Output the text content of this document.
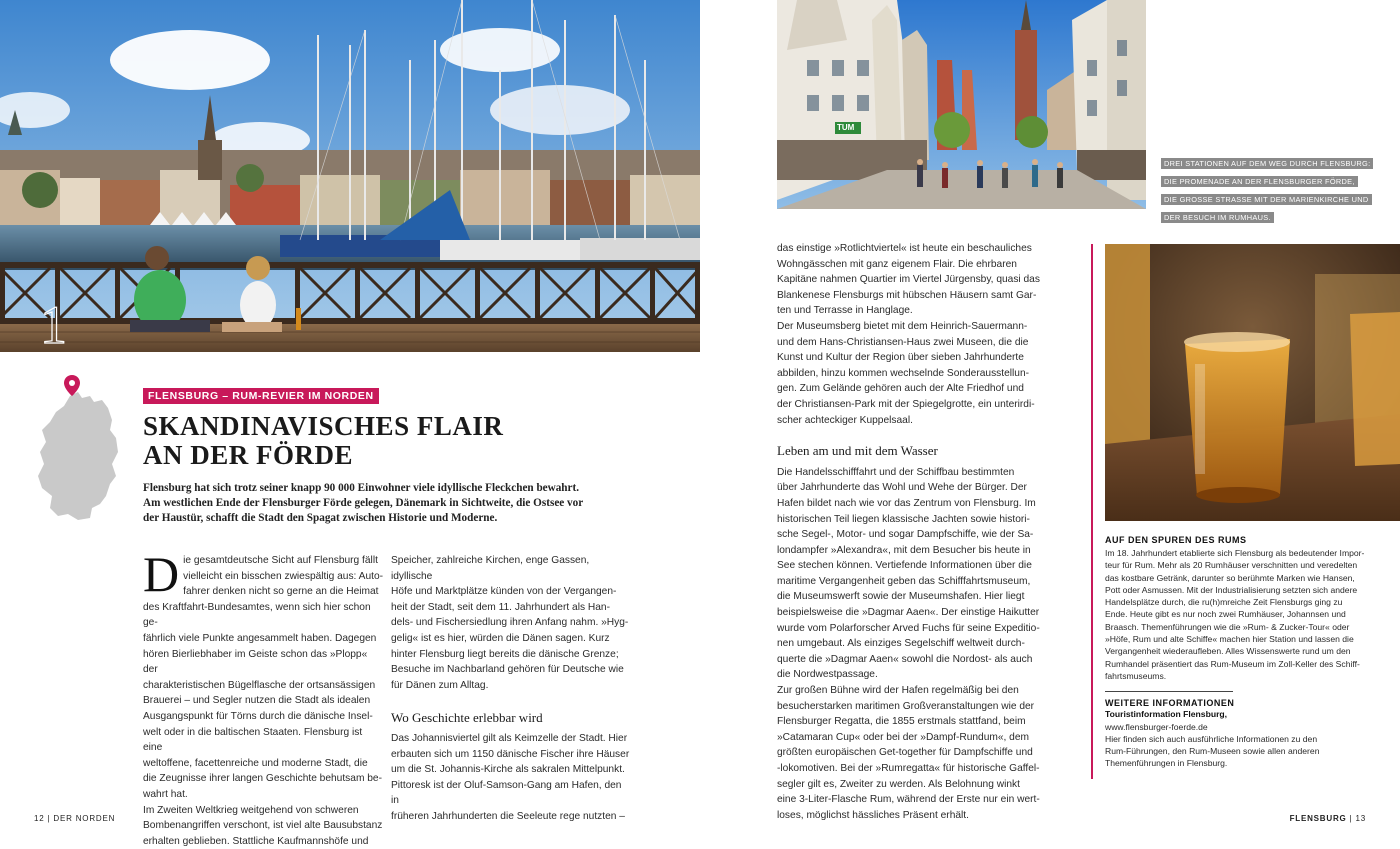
1
FLENSBURG – RUM-REVIER IM NORDEN
SKANDINAVISCHES FLAIR
AN DER FÖRDE
Flensburg hat sich trotz seiner knapp 90 000 Einwohner viele idyllische Fleckchen bewahrt.
Am westlichen Ende der Flensburger Förde gelegen, Dänemark in Sichtweite, die Ostsee vor
der Haustür, schafft die Stadt den Spagat zwischen Historie und Moderne.
D ie gesamtdeutsche Sicht auf Flensburg fällt
vielleicht ein bisschen zwiespältig aus: Auto-
fahrer denken nicht so gerne an die Heimat
des Kraftfahrt-Bundesamtes, wenn sich hier schon ge-
fährlich viele Punkte angesammelt haben. Dagegen
hören Bierliebhaber im Geiste schon das »Plopp« der
charakteristischen Bügelflasche der ortsansässigen
Brauerei – und Segler nutzen die Stadt als idealen
Ausgangspunkt für Törns durch die dänische Insel-
welt oder in die baltischen Staaten. Flensburg ist eine
weltoffene, facettenreiche und moderne Stadt, die
die Zeugnisse ihrer langen Geschichte behutsam be-
wahrt hat.
Im Zweiten Weltkrieg weitgehend von schweren
Bombenangriffen verschont, ist viel alte Bausubstanz
erhalten geblieben. Stattliche Kaufmannshöfe und
Speicher, zahlreiche Kirchen, enge Gassen, idyllische
Höfe und Marktplätze künden von der Vergangen-
heit der Stadt, seit dem 11. Jahrhundert als Han-
dels- und Fischersiedlung ihren Anfang nahm. »Hyg-
gelig« ist es hier, würden die Dänen sagen. Kurz
hinter Flensburg liegt bereits die dänische Grenze;
Besuche im Nachbarland gehören für Deutsche wie
für Dänen zum Alltag.
Wo Geschichte erlebbar wird
Das Johannisviertel gilt als Keimzelle der Stadt. Hier
erbauten sich um 1150 dänische Fischer ihre Häuser
um die St. Johannis-Kirche als sakralen Mittelpunkt.
Pittoresk ist der Oluf-Samson-Gang am Hafen, den in
früheren Jahrhunderten die Seeleute rege nutzten –
12 | DER NORDEN
TUM
DREI STATIONEN AUF DEM WEG DURCH FLENSBURG:
DIE PROMENADE AN DER FLENSBURGER FÖRDE,
DIE GROSSE STRASSE MIT DER MARIENKIRCHE UND
DER BESUCH IM RUMHAUS.
das einstige »Rotlichtviertel« ist heute ein beschauliches
Wohngässchen mit ganz eigenem Flair. Die ehrbaren
Kapitäne nahmen Quartier im Viertel Jürgensby, quasi das
Blankenese Flensburgs mit hübschen Häusern samt Gar-
ten und Terrasse in Hanglage.
Der Museumsberg bietet mit dem Heinrich-Sauermann-
und dem Hans-Christiansen-Haus zwei Museen, die die
Kunst und Kultur der Region über sieben Jahrhunderte
abbilden, hinzu kommen wechselnde Sonderausstellun-
gen. Zum Gelände gehören auch der Alte Friedhof und
der Christiansen-Park mit der Spiegelgrotte, ein unterirdi-
scher achteckiger Kuppelsaal.
Leben am und mit dem Wasser
Die Handelsschifffahrt und der Schiffbau bestimmten
über Jahrhunderte das Wohl und Wehe der Bürger. Der
Hafen bildet nach wie vor das Zentrum von Flensburg. Im
historischen Teil liegen klassische Jachten sowie histori-
sche Segel-, Motor- und sogar Dampfschiffe, wie der Sa-
londampfer »Alexandra«, mit dem Besucher bis heute in
See stechen können. Vertiefende Informationen über die
maritime Vergangenheit geben das Schifffahrtsmuseum,
die Museumswerft sowie der Museumshafen. Hier liegt
beispielsweise die »Dagmar Aaen«. Der einstige Haikutter
wurde vom Polarforscher Arved Fuchs für seine Expeditio-
nen umgebaut. Als einziges Segelschiff weltweit durch-
querte die »Dagmar Aaen« sowohl die Nordost- als auch
die Nordwestpassage.
Zur großen Bühne wird der Hafen regelmäßig bei den
besucherstarken maritimen Großveranstaltungen wie der
Flensburger Regatta, die 1855 erstmals stattfand, beim
»Catamaran Cup« oder bei der »Dampf-Rundum«, dem
größten europäischen Get-together für Dampfschiffe und
-lokomotiven. Bei der »Rumregatta« für historische Gaffel-
segler gilt es, Zweiter zu werden. Als Belohnung winkt
eine 3-Liter-Flasche Rum, während der Erste nur ein wert-
loses, möglichst hässliches Präsent erhält.
AUF DEN SPUREN DES RUMS
Im 18. Jahrhundert etablierte sich Flensburg als bedeutender Impor-
teur für Rum. Mehr als 20 Rumhäuser verschnitten und veredelten
das kostbare Getränk, darunter so berühmte Marken wie Hansen,
Pott oder Asmussen. Mit der Industrialisierung setzten sich andere
Handelsplätze durch, die ru(h)mreiche Zeit Flensburgs ging zu
Ende. Heute gibt es nur noch zwei Rumhäuser, Johannsen und
Braasch. Themenführungen wie die »Rum- & Zucker-Tour« oder
»Höfe, Rum und alte Schiffe« machen hier Station und lassen die
Vergangenheit wiederaufleben. Alles Wissenswerte rund um den
Rumhandel präsentiert das Rum-Museum im Zoll-Keller des Schiff-
fahrtsmuseums.
WEITERE INFORMATIONEN
Touristinformation Flensburg,
www.flensburger-foerde.de
Hier finden sich auch ausführliche Informationen zu den
Rum-Führungen, den Rum-Museen sowie allen anderen
Themenführungen in Flensburg.
FLENSBURG | 13
